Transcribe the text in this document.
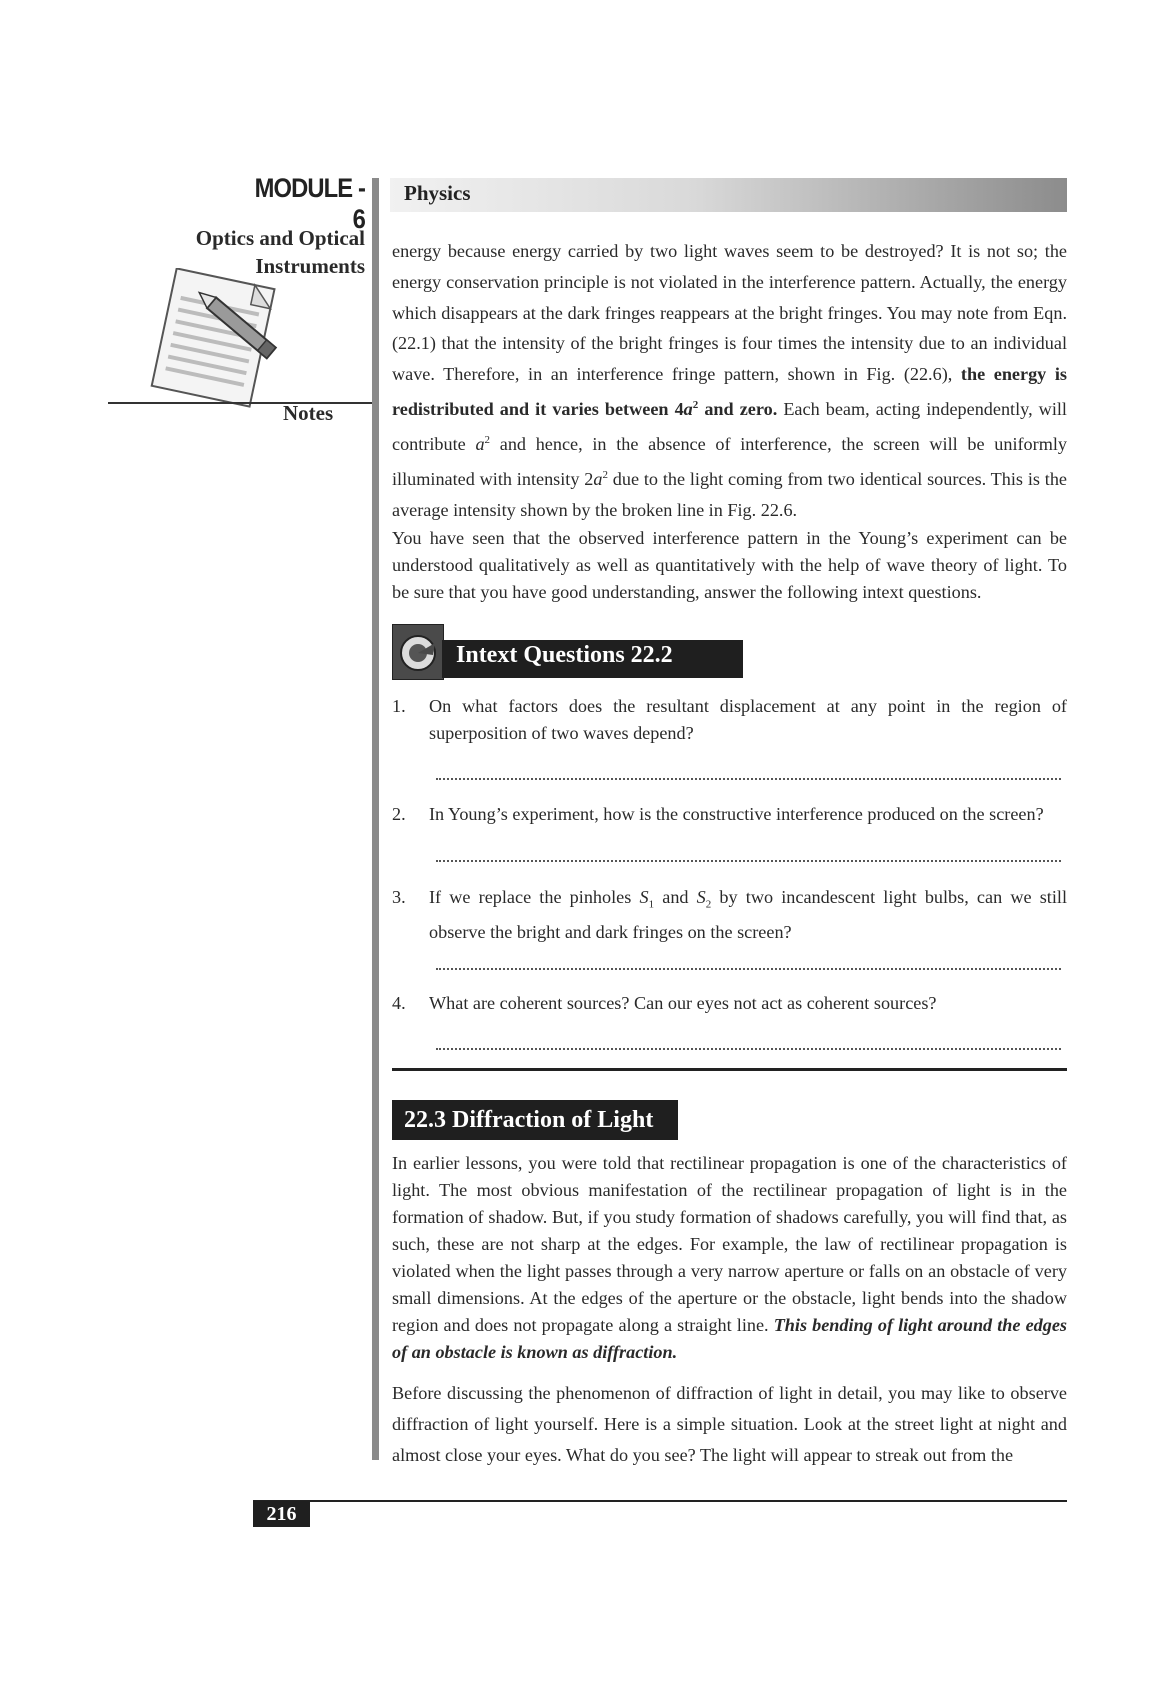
MODULE - 6
Optics and Optical
Instruments
Notes
Physics

energy because energy carried by two light waves seem to be destroyed? It is not so; the energy conservation principle is not violated in the interference pattern. Actually, the energy which disappears at the dark fringes reappears at the bright fringes. You may note from Eqn. (22.1) that the intensity of the bright fringes is four times the intensity due to an individual wave. Therefore, in an interference fringe pattern, shown in Fig. (22.6), the energy is redistributed and it varies between $4a^2$ and zero. Each beam, acting independently, will contribute $a^2$ and hence, in the absence of interference, the screen will be uniformly illuminated with intensity $2a^2$ due to the light coming from two identical sources. This is the average intensity shown by the broken line in Fig. 22.6.

You have seen that the observed interference pattern in the Young’s experiment can be understood qualitatively as well as quantitatively with the help of wave theory of light. To be sure that you have good understanding, answer the following intext questions.

Intext Questions 22.2
1. On what factors does the resultant displacement at any point in the region of superposition of two waves depend?
2. In Young’s experiment, how is the constructive interference produced on the screen?
3. If we replace the pinholes $S_1$ and $S_2$ by two incandescent light bulbs, can we still observe the bright and dark fringes on the screen?
4. What are coherent sources? Can our eyes not act as coherent sources?
22.3 Diffraction of Light

In earlier lessons, you were told that rectilinear propagation is one of the characteristics of light. The most obvious manifestation of the rectilinear propagation of light is in the formation of shadow. But, if you study formation of shadows carefully, you will find that, as such, these are not sharp at the edges. For example, the law of rectilinear propagation is violated when the light passes through a very narrow aperture or falls on an obstacle of very small dimensions. At the edges of the aperture or the obstacle, light bends into the shadow region and does not propagate along a straight line. This bending of light around the edges of an obstacle is known as diffraction.

Before discussing the phenomenon of diffraction of light in detail, you may like to observe diffraction of light yourself. Here is a simple situation. Look at the street light at night and almost close your eyes. What do you see? The light will appear to streak out from the

216
